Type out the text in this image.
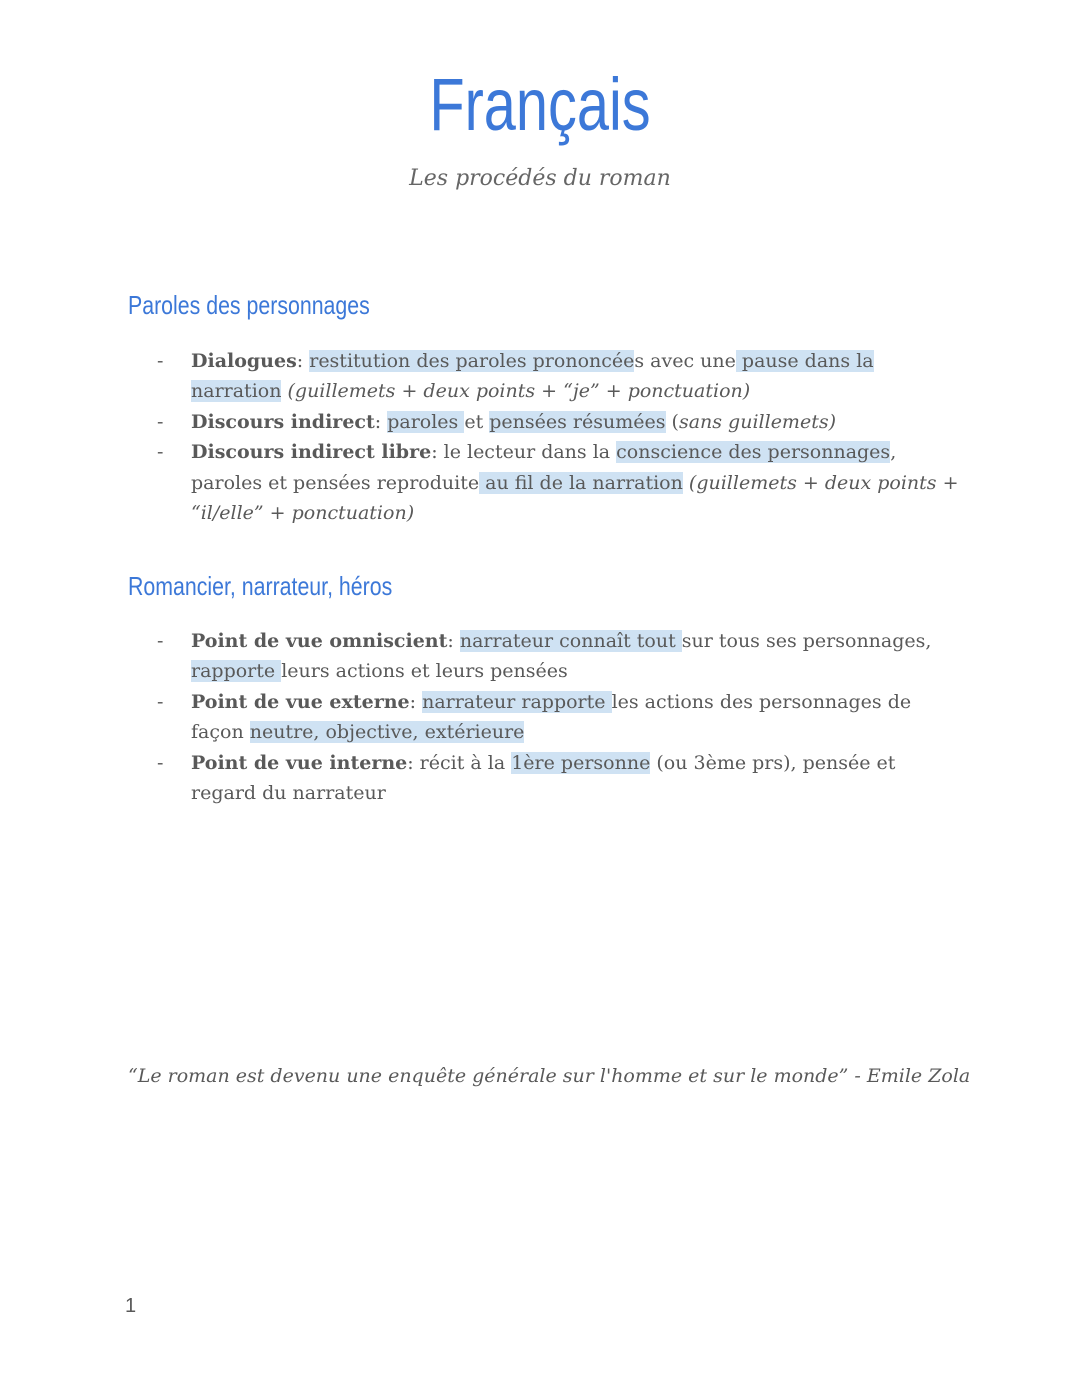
Français
Les procédés du roman
Paroles des personnages
- Dialogues: restitution des paroles prononcées avec une pause dans la narration (guillemets + deux points + “je” + ponctuation)
- Discours indirect: paroles et pensées résumées (sans guillemets)
- Discours indirect libre: le lecteur dans la conscience des personnages, paroles et pensées reproduite au fil de la narration (guillemets + deux points + “il/elle” + ponctuation)
Romancier, narrateur, héros
- Point de vue omniscient: narrateur connaît tout sur tous ses personnages, rapporte leurs actions et leurs pensées
- Point de vue externe: narrateur rapporte les actions des personnages de façon neutre, objective, extérieure
- Point de vue interne: récit à la 1ère personne (ou 3ème prs), pensée et regard du narrateur
“Le roman est devenu une enquête générale sur l'homme et sur le monde” - Emile Zola
1
